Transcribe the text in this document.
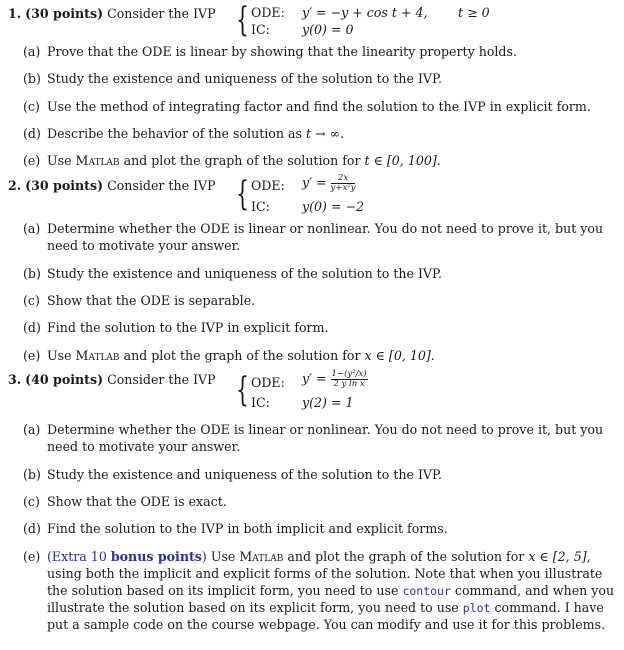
1. (30 points) Consider the IVP { ODE: y′ = −y + cos t + 4, t ≥ 0
IC:	y(0) = 0
(a) Prove that the ODE is linear by showing that the linearity property holds.
(b) Study the existence and uniqueness of the solution to the IVP.
(c) Use the method of integrating factor and find the solution to the IVP in explicit form.
(d) Describe the behavior of the solution as t → ∞.
(e) Use Matlab and plot the graph of the solution for t ∈ [0, 100].
2. (30 points) Consider the IVP { ODE: $y' = \frac{2x}{\text{y+x²y}}$
IC:	y(0) = −2
(a) Determine whether the ODE is linear or nonlinear. You do not need to prove it, but you
need to motivate your answer.
(b) Study the existence and uniqueness of the solution to the IVP.
(c) Show that the ODE is separable.
(d) Find the solution to the IVP in explicit form.
(e) Use Matlab and plot the graph of the solution for x ∈ [0, 10].
3. (40 points) Consider the IVP { ODE: $y' = \frac{\text{1−(y²/x)}}{\text{2 y ln x}}$
IC:	y(2) = 1
(a) Determine whether the ODE is linear or nonlinear. You do not need to prove it, but you
need to motivate your answer.
(b) Study the existence and uniqueness of the solution to the IVP.
(c) Show that the ODE is exact.
(d) Find the solution to the IVP in both implicit and explicit forms.
(e) (Extra 10 bonus points) Use Matlab and plot the graph of the solution for x ∈ [2, 5],
using both the implicit and explicit forms of the solution. Note that when you illustrate
the solution based on its implicit form, you need to use contour command, and when you
illustrate the solution based on its explicit form, you need to use plot command. I have
put a sample code on the course webpage. You can modify and use it for this problems.
